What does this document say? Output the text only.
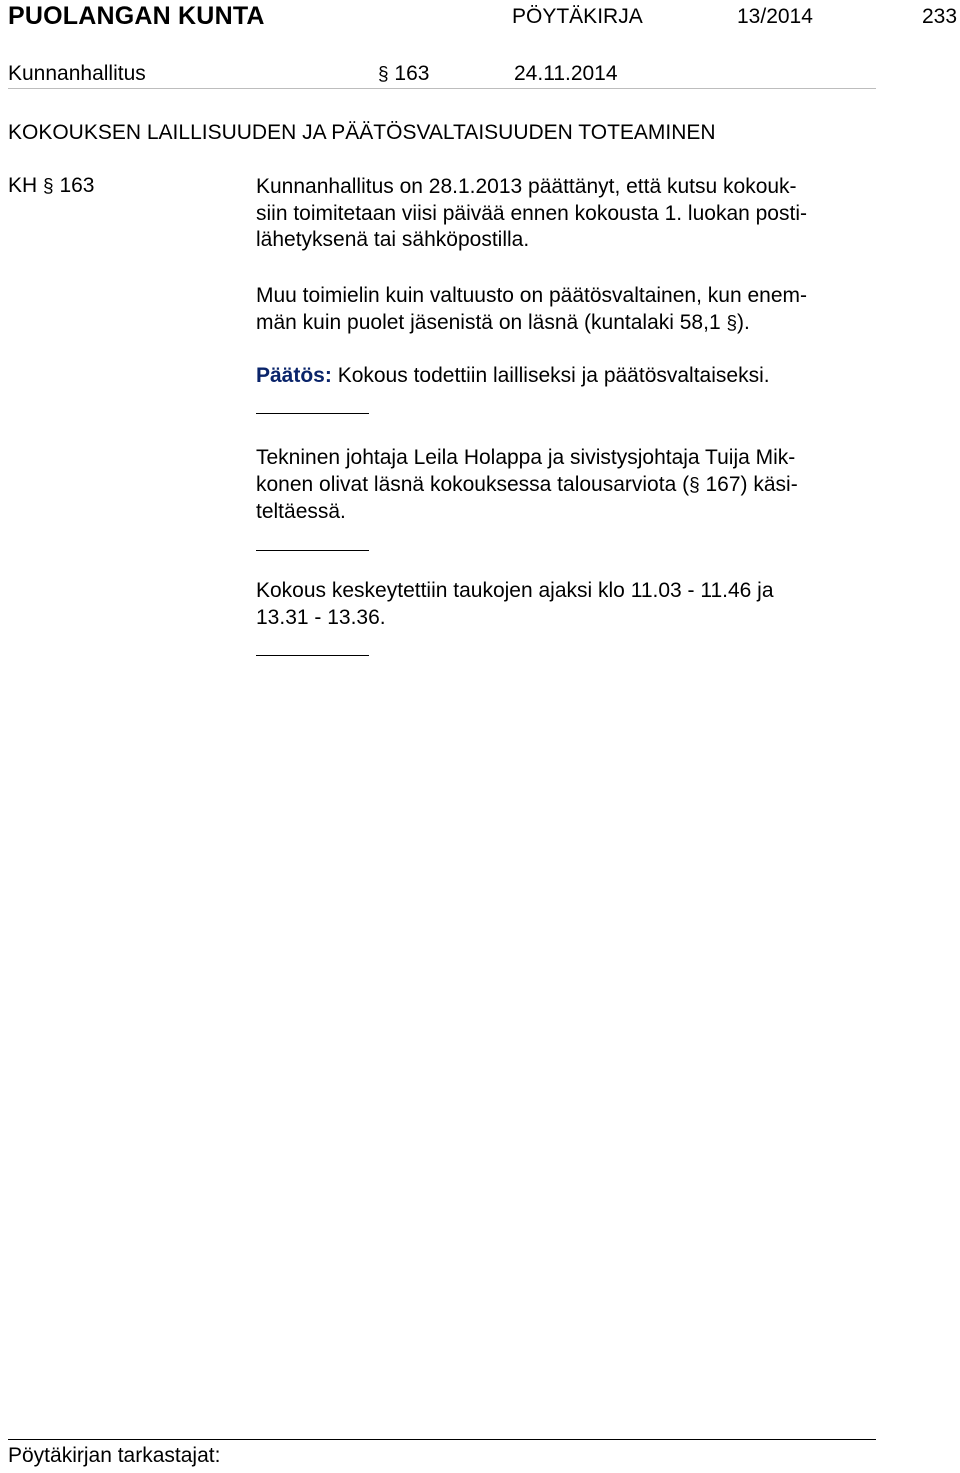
PUOLANGAN KUNTA	PÖYTÄKIRJA	13/2014	233
Kunnanhallitus	§ 163	24.11.2014
KOKOUKSEN LAILLISUUDEN JA PÄÄTÖSVALTAISUUDEN TOTEAMINEN
KH § 163	Kunnanhallitus on 28.1.2013 päättänyt, että kutsu kokouk-
siin toimitetaan viisi päivää ennen kokousta 1. luokan posti-
lähetyksenä tai sähköpostilla.
Muu toimielin kuin valtuusto on päätösvaltainen, kun enem-
män kuin puolet jäsenistä on läsnä (kuntalaki 58,1 §).
Päätös: Kokous todettiin lailliseksi ja päätösvaltaiseksi.
Tekninen johtaja Leila Holappa ja sivistysjohtaja Tuija Mik-
konen olivat läsnä kokouksessa talousarviota (§ 167) käsi-
teltäessä.
Kokous keskeytettiin taukojen ajaksi klo 11.03 - 11.46 ja
13.31 - 13.36.
Pöytäkirjan tarkastajat:
